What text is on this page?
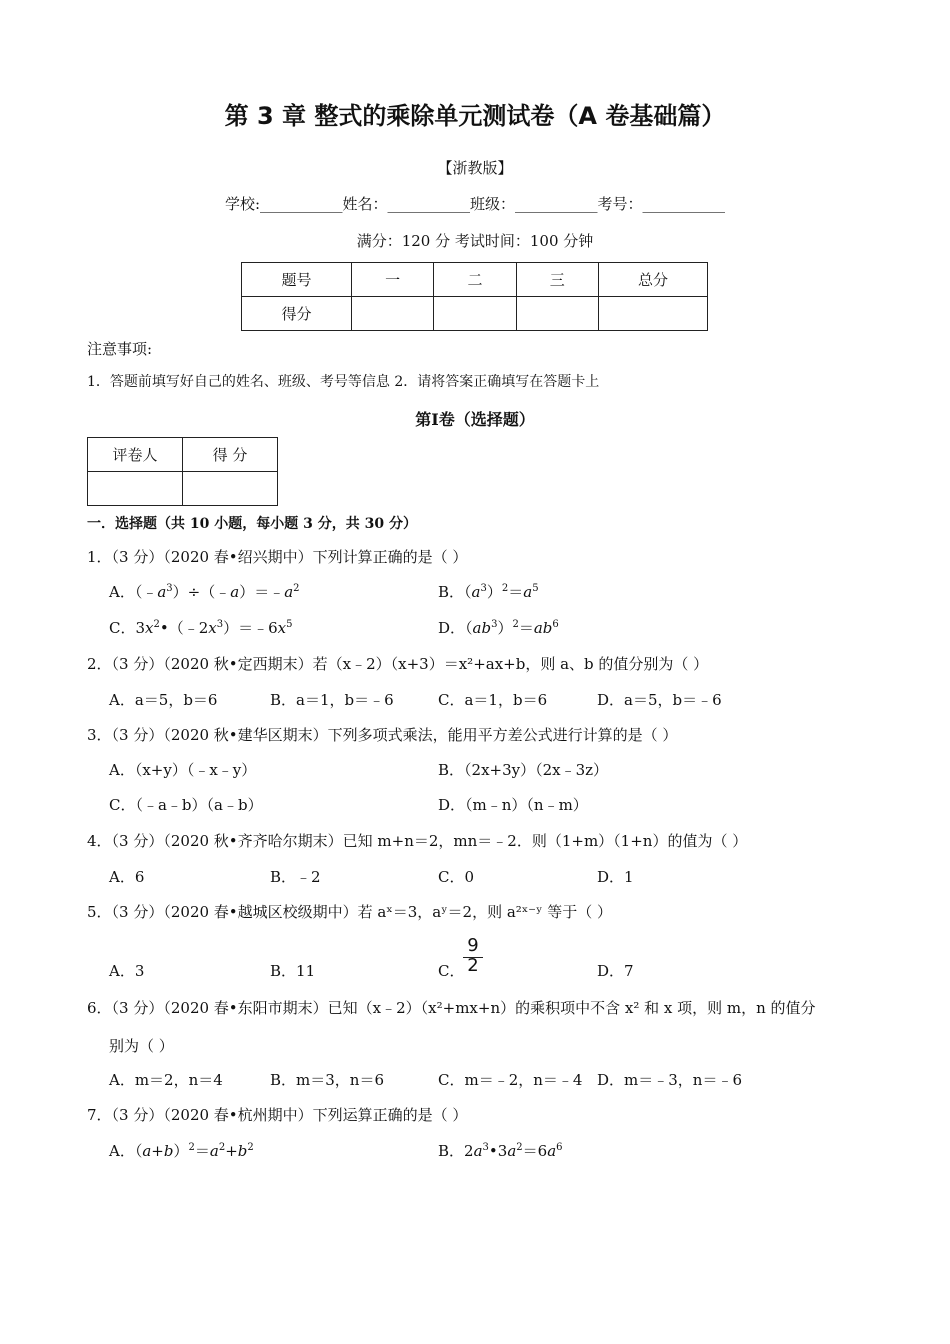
第 3 章 整式的乘除单元测试卷（A 卷基础篇）
【浙教版】
学校:___________姓名：___________班级：___________考号：___________
满分：120 分 考试时间：100 分钟
题号	一	二	三	总分
得分				
注意事项:
1．答题前填写好自己的姓名、班级、考号等信息 2．请将答案正确填写在答题卡上
第Ⅰ卷（选择题）
评卷人	得 分

一．选择题（共 10 小题，每小题 3 分，共 30 分）
1．（3 分）（2020 春•绍兴期中）下列计算正确的是（ ）
A．$(﹣a^3)\div(﹣a)=﹣a^2$	B．$(a^3)^2=a^5$
C．$3x^2•(﹣2x^3)=﹣6x^5$	D．$(ab^3)^2=ab^6$
2．（3 分）（2020 秋•定西期末）若（x﹣2）（x+3）＝x²+ax+b，则 a、b 的值分别为（ ）
A．a＝5，b＝6	B．a＝1，b＝﹣6	C．a＝1，b＝6	D．a＝5，b＝﹣6
3．（3 分）（2020 秋•建华区期末）下列多项式乘法，能用平方差公式进行计算的是（ ）
A．（x+y）（﹣x﹣y）	B．（2x+3y）（2x﹣3z）
C．（﹣a﹣b）（a﹣b）	D．（m﹣n）（n﹣m）
4．（3 分）（2020 秋•齐齐哈尔期末）已知 m+n＝2，mn＝﹣2．则（1+m）（1+n）的值为（ ）
A．6	B．﹣2	C．0	D．1
5．（3 分）（2020 春•越城区校级期中）若 aˣ＝3，aʸ＝2，则 a²ˣ⁻ʸ 等于（ ）
A．3	B．11	C．
9
2	D．7
6．（3 分）（2020 春•东阳市期末）已知（x﹣2）（x²+mx+n）的乘积项中不含 x² 和 x 项，则 m，n 的值分
别为（ ）
A．m＝2，n＝4	B．m＝3，n＝6	C．m＝﹣2，n＝﹣4 D．m＝﹣3，n＝﹣6
7．（3 分）（2020 春•杭州期中）下列运算正确的是（ ）
A．$(a+b)^2=a^2+b^2$	B．$2a^3•3a^2=6a^6$
